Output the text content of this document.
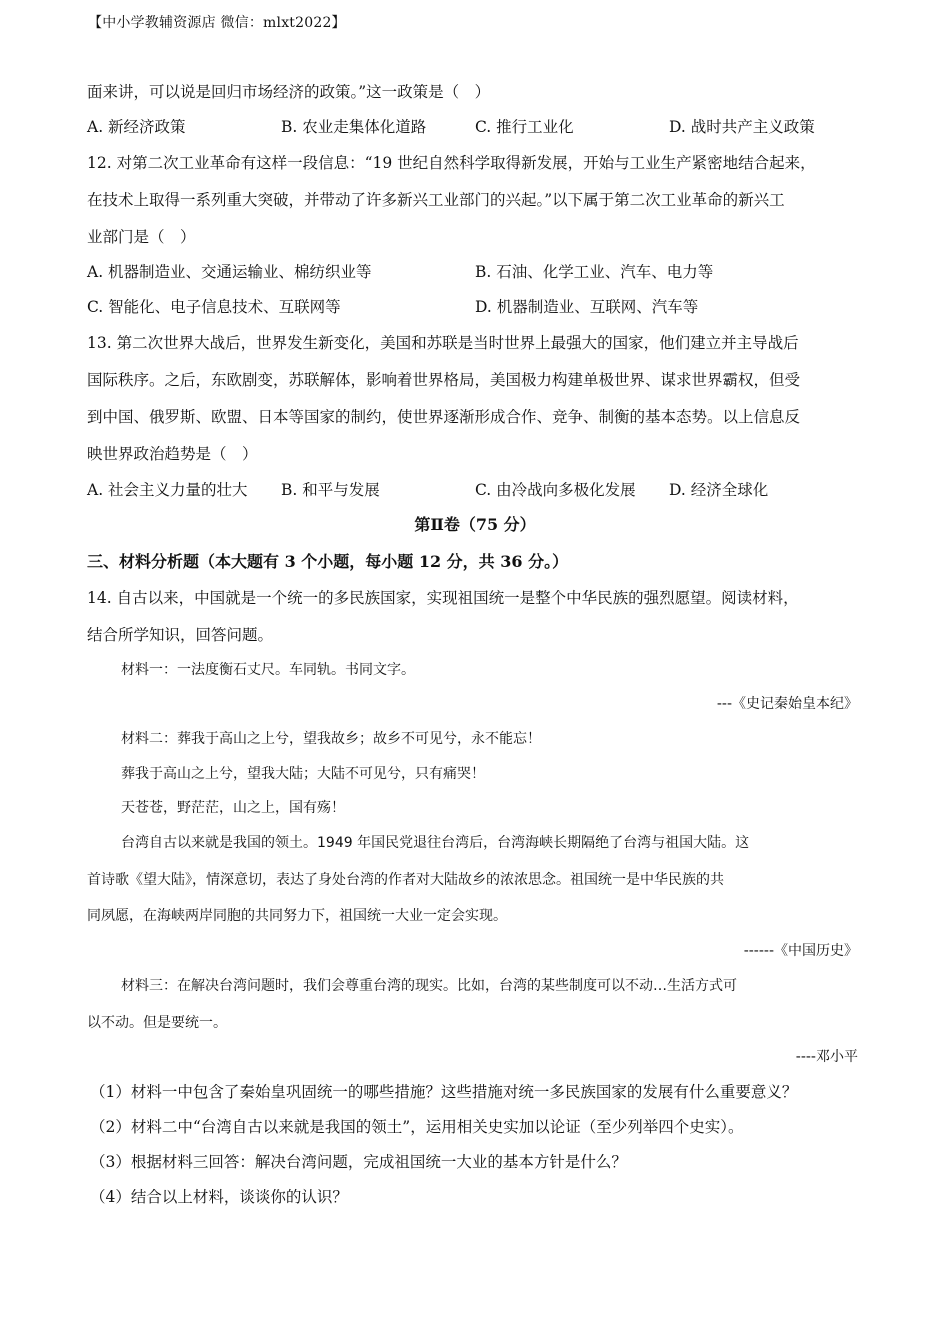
【中小学教辅资源店 微信：mlxt2022】
面来讲，可以说是回归市场经济的政策。”这一政策是（　）
A. 新经济政策	B. 农业走集体化道路	C. 推行工业化	D. 战时共产主义政策
12. 对第二次工业革命有这样一段信息：“19 世纪自然科学取得新发展，开始与工业生产紧密地结合起来，
在技术上取得一系列重大突破，并带动了许多新兴工业部门的兴起。”以下属于第二次工业革命的新兴工
业部门是（　）
A. 机器制造业、交通运输业、棉纺织业等	B. 石油、化学工业、汽车、电力等
C. 智能化、电子信息技术、互联网等	D. 机器制造业、互联网、汽车等
13. 第二次世界大战后，世界发生新变化，美国和苏联是当时世界上最强大的国家，他们建立并主导战后
国际秩序。之后，东欧剧变，苏联解体，影响着世界格局，美国极力构建单极世界、谋求世界霸权，但受
到中国、俄罗斯、欧盟、日本等国家的制约，使世界逐渐形成合作、竞争、制衡的基本态势。以上信息反
映世界政治趋势是（　）
A. 社会主义力量的壮大 B. 和平与发展	C. 由冷战向多极化发展 D. 经济全球化
第Ⅱ卷（75 分）
三、材料分析题（本大题有 3 个小题，每小题 12 分，共 36 分。）
14. 自古以来，中国就是一个统一的多民族国家，实现祖国统一是整个中华民族的强烈愿望。阅读材料，
结合所学知识，回答问题。
材料一：一法度衡石丈尺。车同轨。书同文字。
---《史记秦始皇本纪》
材料二：葬我于高山之上兮，望我故乡；故乡不可见兮，永不能忘！
葬我于高山之上兮，望我大陆；大陆不可见兮，只有痛哭！
天苍苍，野茫茫，山之上，国有殇！
台湾自古以来就是我国的领土。1949 年国民党退往台湾后，台湾海峡长期隔绝了台湾与祖国大陆。这
首诗歌《望大陆》，情深意切，表达了身处台湾的作者对大陆故乡的浓浓思念。祖国统一是中华民族的共
同夙愿，在海峡两岸同胞的共同努力下，祖国统一大业一定会实现。
------《中国历史》
材料三：在解决台湾问题时，我们会尊重台湾的现实。比如，台湾的某些制度可以不动…生活方式可
以不动。但是要统一。
----邓小平
（1）材料一中包含了秦始皇巩固统一的哪些措施？这些措施对统一多民族国家的发展有什么重要意义？
（2）材料二中“台湾自古以来就是我国的领土”，运用相关史实加以论证（至少列举四个史实）。
（3）根据材料三回答：解决台湾问题，完成祖国统一大业的基本方针是什么？
（4）结合以上材料，谈谈你的认识？
